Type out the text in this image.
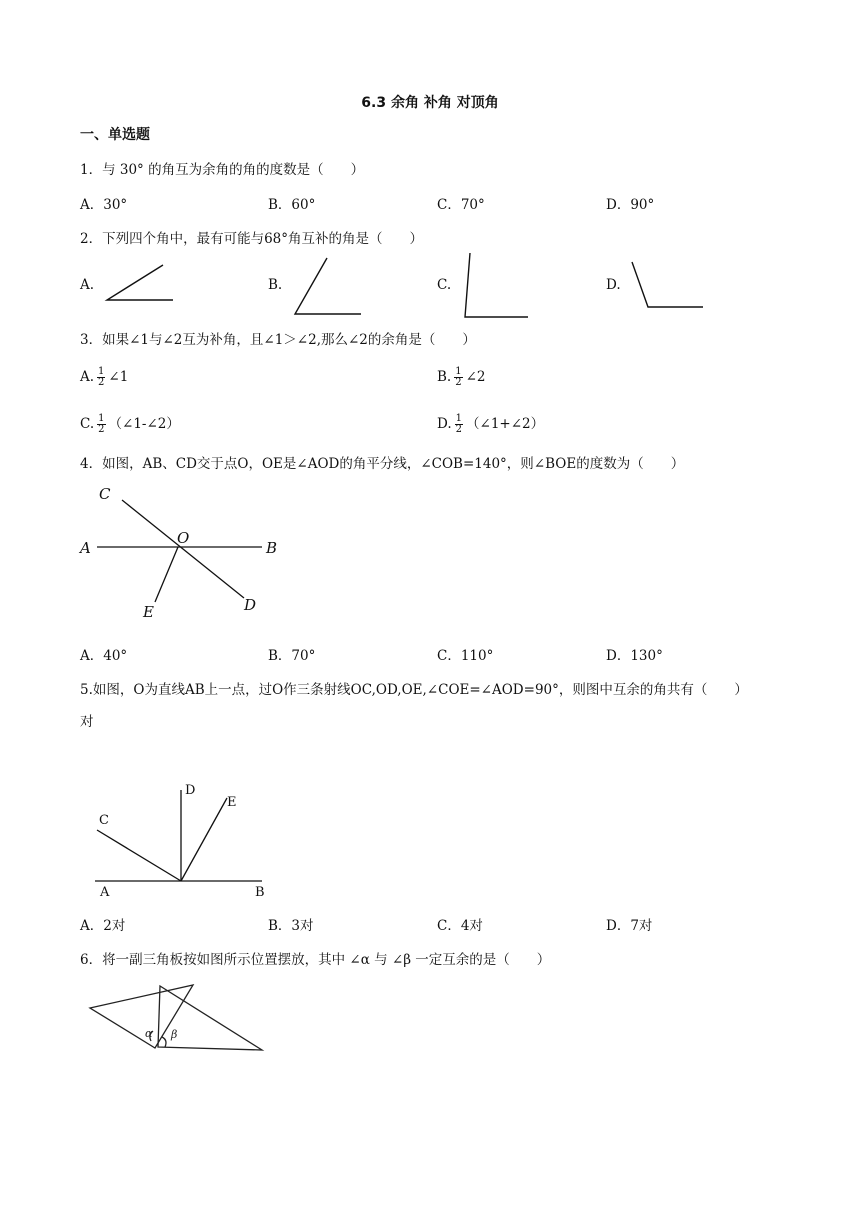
6.3 余角 补角 对顶角
一、单选题
1．与 30° 的角互为余角的角的度数是（　　）
A．30°	B．60°	C．70°	D．90°
2．下列四个角中，最有可能与68°角互补的角是（　　）
A.	B.	C.	D.
3．如果∠1与∠2互为补角，且∠1＞∠2,那么∠2的余角是（　　）
A. $\frac{1}{2}$ ∠1	B. $\frac{1}{2}$ ∠2
C. $\frac{1}{2}$ （∠1-∠2）	D. $\frac{1}{2}$ （∠1+∠2）
4．如图，AB、CD交于点O，OE是∠AOD的角平分线，∠COB=140°，则∠BOE的度数为（　　）
C
A
O
B
E	D
A．40°	B．70°	C．110°	D．130°
5.如图，O为直线AB上一点，过O作三条射线OC,OD,OE,∠COE=∠AOD=90°，则图中互余的角共有（　　）
对
D
E
C
A	B
A．2对	B．3对	C．4对	D．7对
6．将一副三角板按如图所示位置摆放，其中 ∠α 与 ∠β 一定互余的是（　　）
α β
